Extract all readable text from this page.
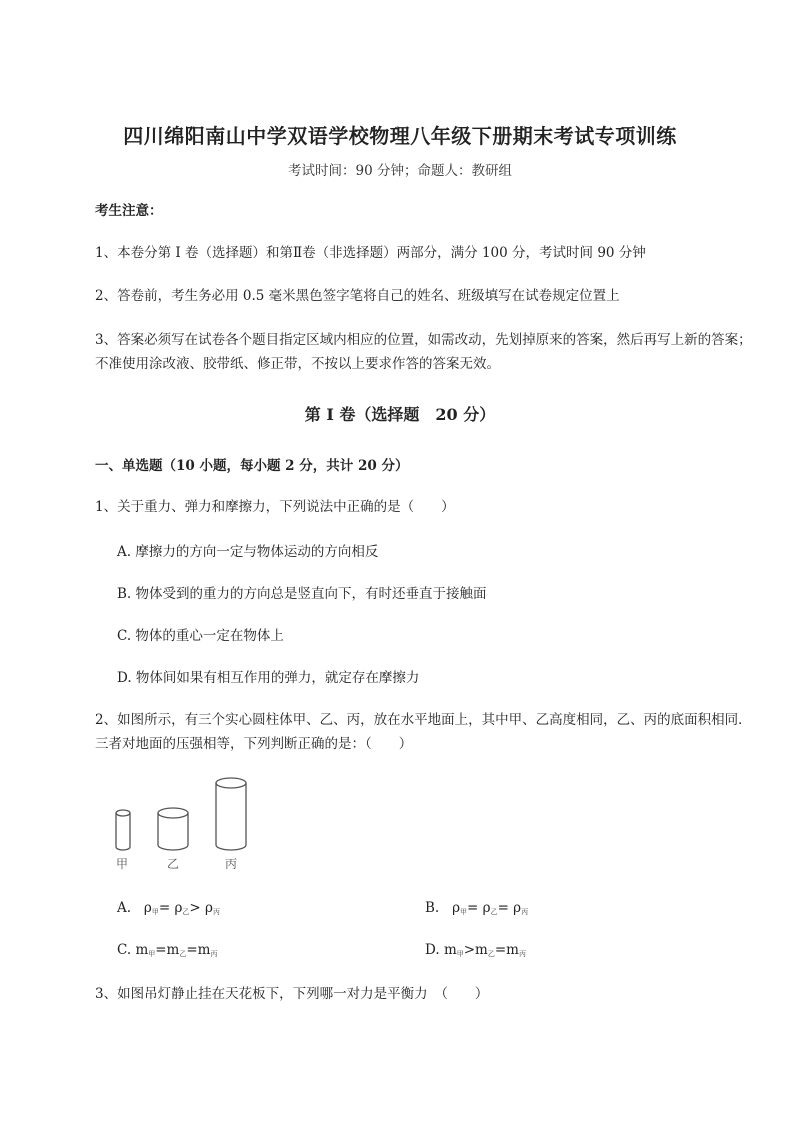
四川绵阳南山中学双语学校物理八年级下册期末考试专项训练
考试时间：90 分钟；命题人：教研组
考生注意：
1、本卷分第 I 卷（选择题）和第Ⅱ卷（非选择题）两部分，满分 100 分，考试时间 90 分钟
2、答卷前，考生务必用 0.5 毫米黑色签字笔将自己的姓名、班级填写在试卷规定位置上
3、答案必须写在试卷各个题目指定区域内相应的位置，如需改动，先划掉原来的答案，然后再写上新的答案；不准使用涂改液、胶带纸、修正带，不按以上要求作答的答案无效。
第 I 卷（选择题　20 分）
一、单选题（10 小题，每小题 2 分，共计 20 分）
1、关于重力、弹力和摩擦力，下列说法中正确的是（　　）
A. 摩擦力的方向一定与物体运动的方向相反
B. 物体受到的重力的方向总是竖直向下，有时还垂直于接触面
C. 物体的重心一定在物体上
D. 物体间如果有相互作用的弹力，就定存在摩擦力
2、如图所示，有三个实心圆柱体甲、乙、丙，放在水平地面上，其中甲、乙高度相同，乙、丙的底面积相同．三者对地面的压强相等，下列判断正确的是：（　　）
甲	乙	丙
A. $\rho_甲= \rho_乙> \rho_丙$	B. $\rho_甲= \rho_乙= \rho_丙$
C. $m_甲=m_乙=m_丙$	D. $m_甲>m_乙=m_丙$
3、如图吊灯静止挂在天花板下，下列哪一对力是平衡力　（　　）
